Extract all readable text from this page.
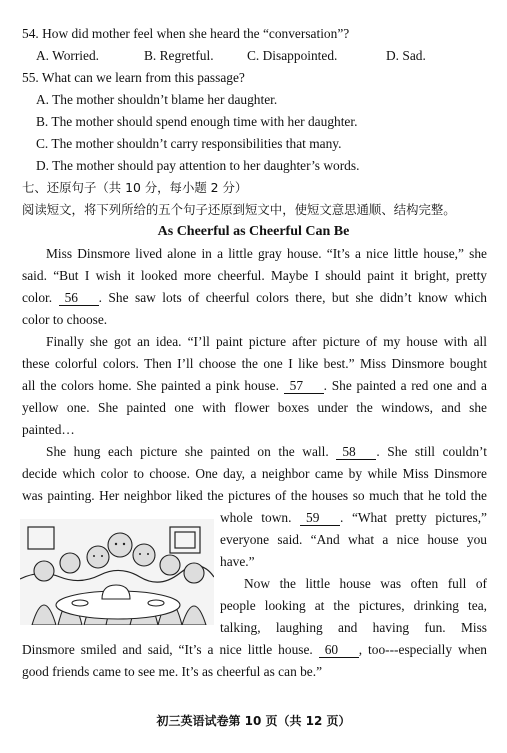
54. How did mother feel when she heard the “conversation”?
A. Worried.	B. Regretful. C. Disappointed.	D. Sad.
55. What can we learn from this passage?
A. The mother shouldn’t blame her daughter.
B. The mother should spend enough time with her daughter.
C. The mother shouldn’t carry responsibilities that many.
D. The mother should pay attention to her daughter’s words.
七、还原句子（共 10 分，每小题 2 分）
阅读短文，将下列所给的五个句子还原到短文中，使短文意思通顺、结构完整。
As Cheerful as Cheerful Can Be
Miss Dinsmore lived alone in a little gray house. “It’s a nice little house,” she
said. “But I wish it looked more cheerful. Maybe I should paint it bright, pretty
color. 56 . She saw lots of cheerful colors there, but she didn’t know which
color to choose.
Finally she got an idea. “I’ll paint picture after picture of my house with all
these colorful colors. Then I’ll choose the one I like best.” Miss Dinsmore bought
all the colors home. She painted a pink house. 57 . She painted a red one and a
yellow one. She painted one with flower boxes under the windows, and she
painted…
She hung each picture she painted on the wall. 58 . She still couldn’t
decide which color to choose. One day, a neighbor came by while Miss Dinsmore
was painting. Her neighbor liked the pictures of the houses so much that he told the
whole town. 59 . “What pretty pictures,”
everyone said. “And what a nice house you
have.”
Now the little house was often full of
people looking at the pictures, drinking tea,
talking, laughing and having fun. Miss
Dinsmore smiled and said, “It’s a nice little house. 60 , too---especially when
good friends came to see me. It’s as cheerful as can be.”
初三英语试卷第 10 页（共 12 页）
